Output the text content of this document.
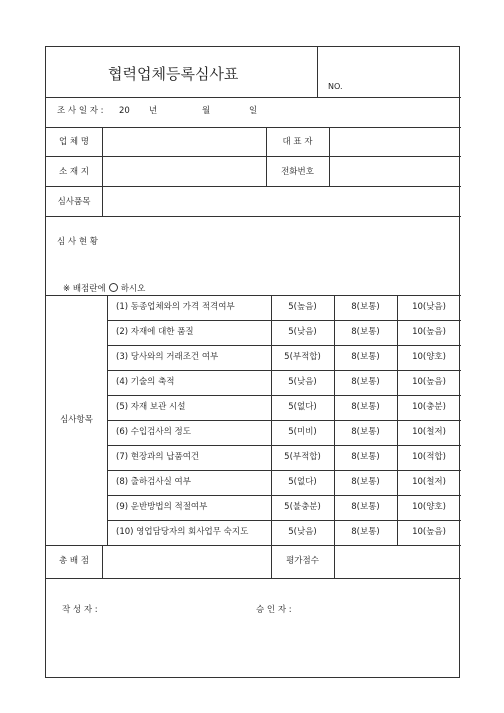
협력업체등록심사표
NO.
조 사 일 자 : 20 년	월	일
업 체 명	대 표 자
소 재 지	전화번호
심사품목
심 사 현 황
※ 배점란에 ○ 하시오
심사항목
(1) 동종업체와의 가격 적격여부	5(높음)	8(보통)	10(낮음)
(2) 자재에 대한 품질	5(낮음)	8(보통)	10(높음)
(3) 당사와의 거래조건 여부	5(부적합)	8(보통)	10(양호)
(4) 기술의 축적	5(낮음)	8(보통)	10(높음)
(5) 자재 보관 시설	5(없다)	8(보통)	10(충분)
(6) 수입검사의 정도	5(미비)	8(보통)	10(철저)
(7) 현장과의 납품여건	5(부적합)	8(보통)	10(적합)
(8) 출하검사실 여부	5(없다)	8(보통)	10(철저)
(9) 운반방법의 적절여부	5(불충분)	8(보통)	10(양호)
(10) 영업담당자의 회사업무 숙지도	5(낮음)	8(보통)	10(높음)
총 배 점	평가점수
작 성 자 :	승 인 자 :
